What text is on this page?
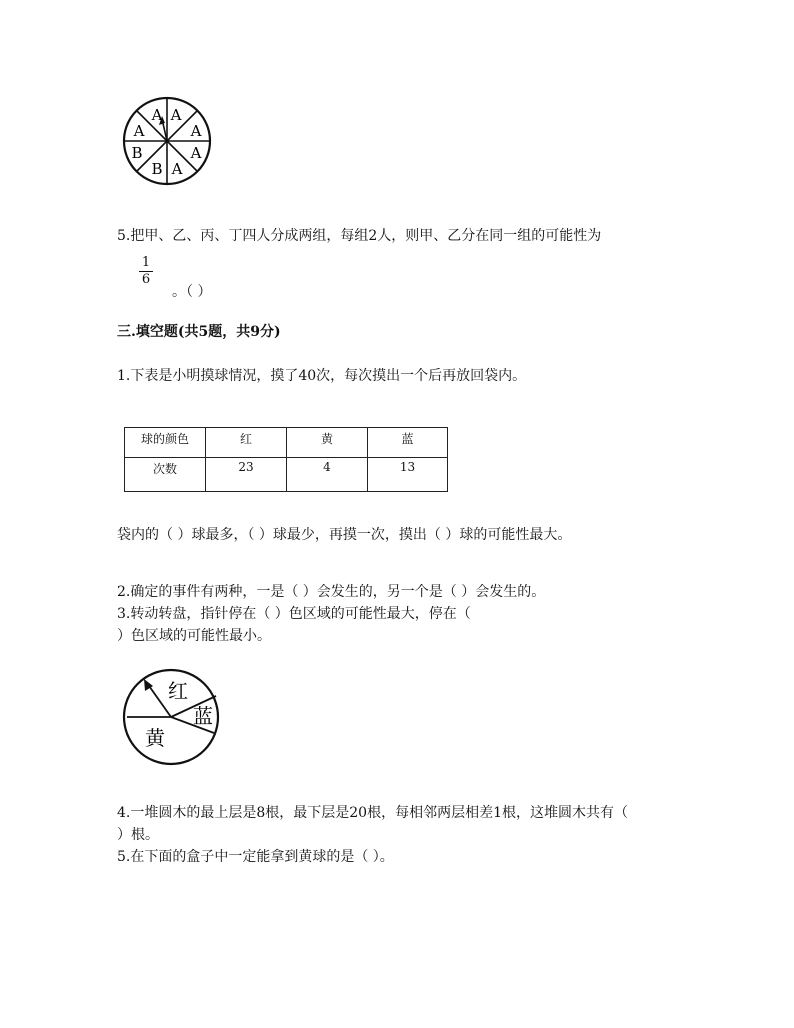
A A
A
A
A
B
B
A
5.把甲、乙、丙、丁四人分成两组，每组2人，则甲、乙分在同一组的可能性为
1
6
。（ ）
三.填空题(共5题，共9分)
1.下表是小明摸球情况，摸了40次，每次摸出一个后再放回袋内。
球的颜色	红	黄	蓝
次数	23	4	13
袋内的（ ）球最多，（ ）球最少，再摸一次，摸出（ ）球的可能性最大。
2.确定的事件有两种，一是（ ）会发生的，另一个是（ ）会发生的。
3.转动转盘，指针停在（ ）色区域的可能性最大，停在（
）色区域的可能性最小。
红
蓝
黄
4.一堆圆木的最上层是8根，最下层是20根，每相邻两层相差1根，这堆圆木共有（
）根。
5.在下面的盒子中一定能拿到黄球的是（ ）。
